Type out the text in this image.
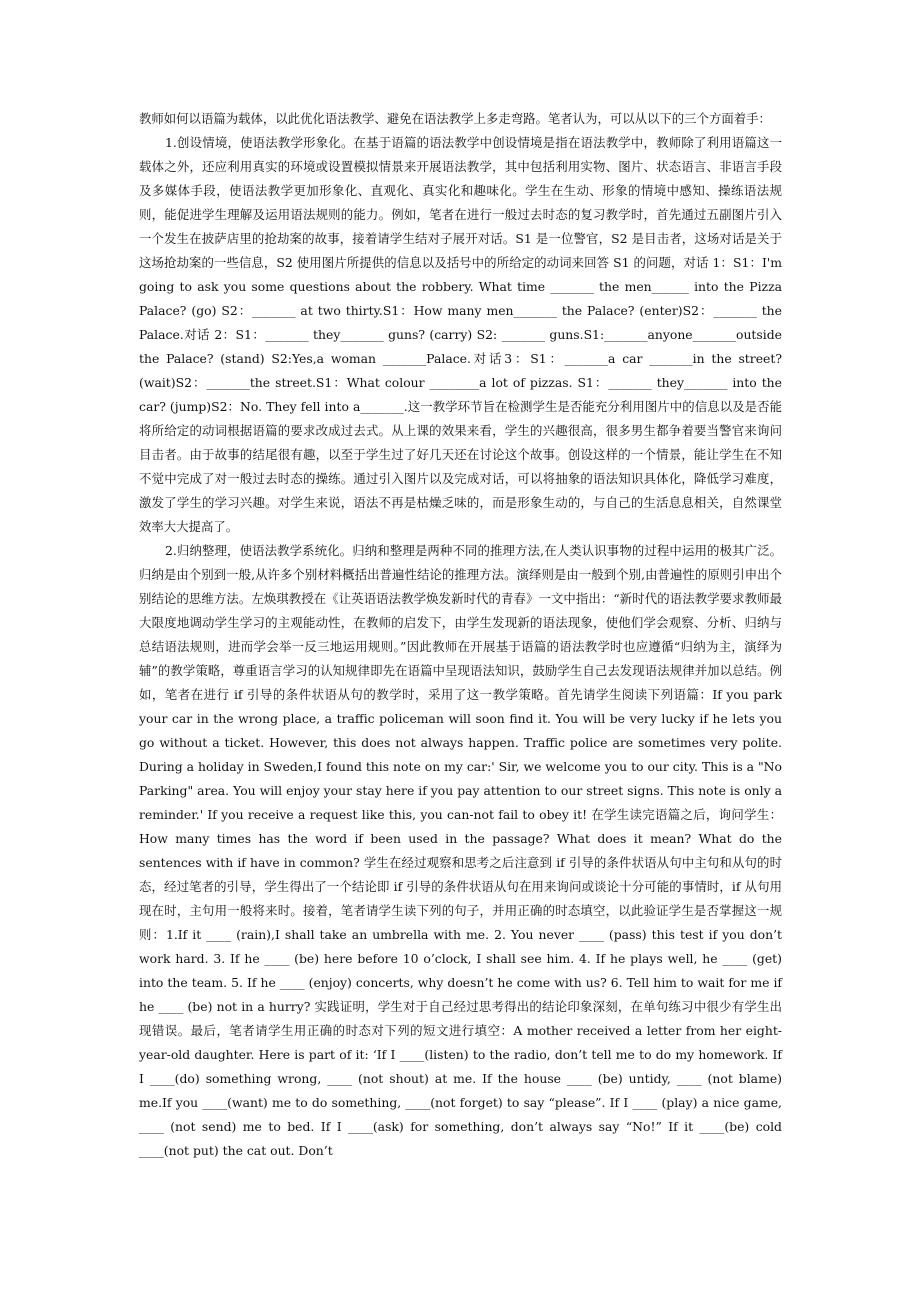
教师如何以语篇为载体，以此优化语法教学、避免在语法教学上多走弯路。笔者认为，可以从以下的三个方面着手：

1.创设情境，使语法教学形象化。在基于语篇的语法教学中创设情境是指在语法教学中，教师除了利用语篇这一载体之外，还应利用真实的环境或设置模拟情景来开展语法教学，其中包括利用实物、图片、状态语言、非语言手段及多媒体手段，使语法教学更加形象化、直观化、真实化和趣味化。学生在生动、形象的情境中感知、操练语法规则，能促进学生理解及运用语法规则的能力。例如，笔者在进行一般过去时态的复习教学时，首先通过五副图片引入一个发生在披萨店里的抢劫案的故事，接着请学生结对子展开对话。S1 是一位警官，S2 是目击者，这场对话是关于这场抢劫案的一些信息，S2 使用图片所提供的信息以及括号中的所给定的动词来回答 S1 的问题，对话 1：S1：I'm going to ask you some questions about the robbery. What time _______ the men______ into the Pizza Palace? (go) S2：_______ at two thirty.S1：How many men_______ the Palace? (enter)S2：_______ the Palace.对话 2：S1：_______ they_______ guns? (carry) S2: _______ guns.S1:_______anyone_______outside the Palace? (stand) S2:Yes,a woman _______Palace.对话3：S1：_______a car _______in the street? (wait)S2：_______the street.S1：What colour ________a lot of pizzas. S1：_______ they_______ into the car? (jump)S2：No. They fell into a_______.这一教学环节旨在检测学生是否能充分利用图片中的信息以及是否能将所给定的动词根据语篇的要求改成过去式。从上课的效果来看，学生的兴趣很高，很多男生都争着要当警官来询问目击者。由于故事的结尾很有趣，以至于学生过了好几天还在讨论这个故事。创设这样的一个情景，能让学生在不知不觉中完成了对一般过去时态的操练。通过引入图片以及完成对话，可以将抽象的语法知识具体化，降低学习难度，激发了学生的学习兴趣。对学生来说，语法不再是枯燥乏味的，而是形象生动的，与自己的生活息息相关，自然课堂效率大大提高了。

2.归纳整理，使语法教学系统化。归纳和整理是两种不同的推理方法,在人类认识事物的过程中运用的极其广泛。归纳是由个别到一般,从许多个别材料概括出普遍性结论的推理方法。演绎则是由一般到个别,由普遍性的原则引申出个别结论的思维方法。左焕琪教授在《让英语语法教学焕发新时代的青春》一文中指出：“新时代的语法教学要求教师最大限度地调动学生学习的主观能动性，在教师的启发下，由学生发现新的语法现象，使他们学会观察、分析、归纳与总结语法规则，进而学会举一反三地运用规则。”因此教师在开展基于语篇的语法教学时也应遵循“归纳为主，演绎为辅”的教学策略，尊重语言学习的认知规律即先在语篇中呈现语法知识，鼓励学生自己去发现语法规律并加以总结。例如，笔者在进行 if 引导的条件状语从句的教学时，采用了这一教学策略。首先请学生阅读下列语篇：If you park your car in the wrong place, a traffic policeman will soon find it. You will be very lucky if he lets you go without a ticket. However, this does not always happen. Traffic police are sometimes very polite. During a holiday in Sweden,I found this note on my car:' Sir, we welcome you to our city. This is a "No Parking" area. You will enjoy your stay here if you pay attention to our street signs. This note is only a reminder.' If you receive a request like this, you can-not fail to obey it! 在学生读完语篇之后，询问学生：How many times has the word if been used in the passage? What does it mean? What do the sentences with if have in common? 学生在经过观察和思考之后注意到 if 引导的条件状语从句中主句和从句的时态，经过笔者的引导，学生得出了一个结论即 if 引导的条件状语从句在用来询问或谈论十分可能的事情时，if 从句用现在时，主句用一般将来时。接着，笔者请学生读下列的句子，并用正确的时态填空，以此验证学生是否掌握这一规则：1.If it ____ (rain),I shall take an umbrella with me. 2. You never ____ (pass) this test if you don’t work hard. 3. If he ____ (be) here before 10 o’clock, I shall see him. 4. If he plays well, he ____ (get) into the team. 5. If he ____ (enjoy) concerts, why doesn’t he come with us? 6. Tell him to wait for me if he ____ (be) not in a hurry? 实践证明，学生对于自己经过思考得出的结论印象深刻，在单句练习中很少有学生出现错误。最后，笔者请学生用正确的时态对下列的短文进行填空：A mother received a letter from her eight-year-old daughter. Here is part of it: ‘If I ____(listen) to the radio, don’t tell me to do my homework. If I ____(do) something wrong, ____ (not shout) at me. If the house ____ (be) untidy, ____ (not blame) me.If you ____(want) me to do something, ____(not forget) to say “please”. If I ____ (play) a nice game, ____ (not send) me to bed. If I ____(ask) for something, don’t always say “No!” If it ____(be) cold ____(not put) the cat out. Don’t
